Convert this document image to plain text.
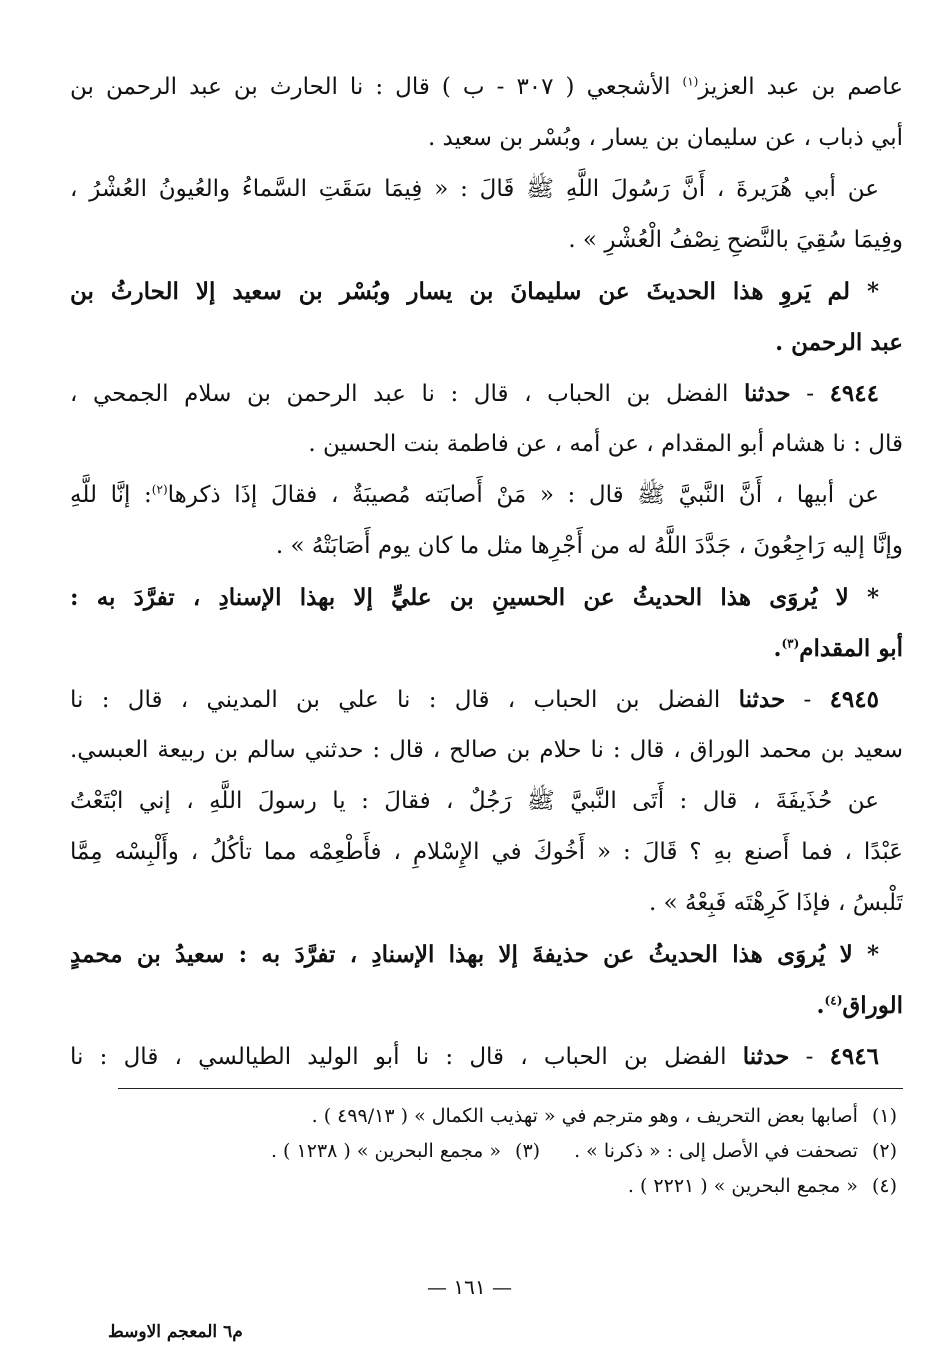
عاصم بن عبد العزيز$^{(١)}$ الأشجعي ( ٣٠٧ - ب ) قال : نا الحارث بن عبد الرحمن بن
أبي ذباب ، عن سليمان بن يسار ، وبُسْر بن سعيد .
عن أبي هُرَيرةَ ، أَنَّ رَسُولَ اللَّهِ ﷺ قَالَ : « فِيمَا سَقَتِ السَّماءُ والعُيونُ العُشْرُ ،
وفِيمَا سُقِيَ بالنَّضحِ نِصْفُ الْعُشْرِ » .
* لم يَروِ هذا الحديثَ عن سليمانَ بن يسار وبُسْر بن سعيد إلا الحارثُ بن
عبد الرحمن .
٤٩٤٤ - حدثنا الفضل بن الحباب ، قال : نا عبد الرحمن بن سلام الجمحي ،
قال : نا هشام أبو المقدام ، عن أمه ، عن فاطمة بنت الحسين .
عن أبيها ، أَنَّ النَّبيَّ ﷺ قال : « مَنْ أَصابَته مُصيبَةٌ ، فقالَ إذَا ذكرها$^{(٢)}$: إنَّا للَّهِ
وإنَّا إليه رَاجِعُونَ ، جَدَّدَ اللَّهُ له من أَجْرِها مثل ما كان يوم أَصَابَتْهُ » .
* لا يُروَى هذا الحديثُ عن الحسينِ بن عليٍّ إلا بهذا الإسنادِ ، تفرَّدَ به :
أبو المقدام$^{(٣)}$.
٤٩٤٥ - حدثنا الفضل بن الحباب ، قال : نا علي بن المديني ، قال : نا
سعيد بن محمد الوراق ، قال : نا حلام بن صالح ، قال : حدثني سالم بن ربيعة العبسي.
عن حُذَيفَةَ ، قال : أَتَى النَّبيَّ ﷺ رَجُلٌ ، فقالَ : يا رسولَ اللَّهِ ، إني ابْتَعْتُ
عَبْدًا ، فما أَصنع بهِ ؟ قَالَ : « أَخُوكَ في الإِسْلامِ ، فأَطْعِمْه مما تأكُلُ ، وأَلْبِسْه مِمَّا
تَلْبسُ ، فإذَا كَرِهْتَه فَبِعْهُ » .
* لا يُروَى هذا الحديثُ عن حذيفةَ إلا بهذا الإسنادِ ، تفرَّدَ به : سعيدُ بن محمدٍ
الوراق$^{(٤)}$.
٤٩٤٦ - حدثنا الفضل بن الحباب ، قال : نا أبو الوليد الطيالسي ، قال : نا
(١)أصابها بعض التحريف ، وهو مترجم في « تهذيب الكمال » ( ٤٩٩/١٣ ) .
(٢)تصحفت في الأصل إلى : « ذكرنا » .(٣)« مجمع البحرين » ( ١٢٣٨ ) .
(٤)« مجمع البحرين » ( ٢٢٢١ ) .
— ١٦١ —
م٦ المعجم الاوسط
